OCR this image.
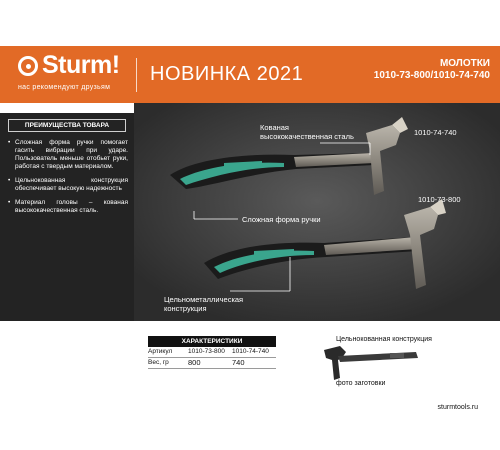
Sturm!
нас рекомендуют друзьям
НОВИНКА 2021	МОЛОТКИ
1010-73-800/1010-74-740
ПРЕИМУЩЕСТВА ТОВАРА
• Сложная форма ручки помогает гасить вибрации при ударе. Пользователь меньше отобьет руки, работая с твердым материалом.
• Цельнокованная конструкция обеспечивает высокую надежность
• Материал головы – кованая высококачественная сталь.
Кованая
высококачественная сталь	1010-74-740
1010-73-800
Сложная форма ручки
Цельнометаллическая
конструкция
ХАРАКТЕРИСТИКИ
Артикул	1010-73-800	1010-74-740
Вес, гр	800	740
Цельнокованная конструкция
фото заготовки
sturmtools.ru
